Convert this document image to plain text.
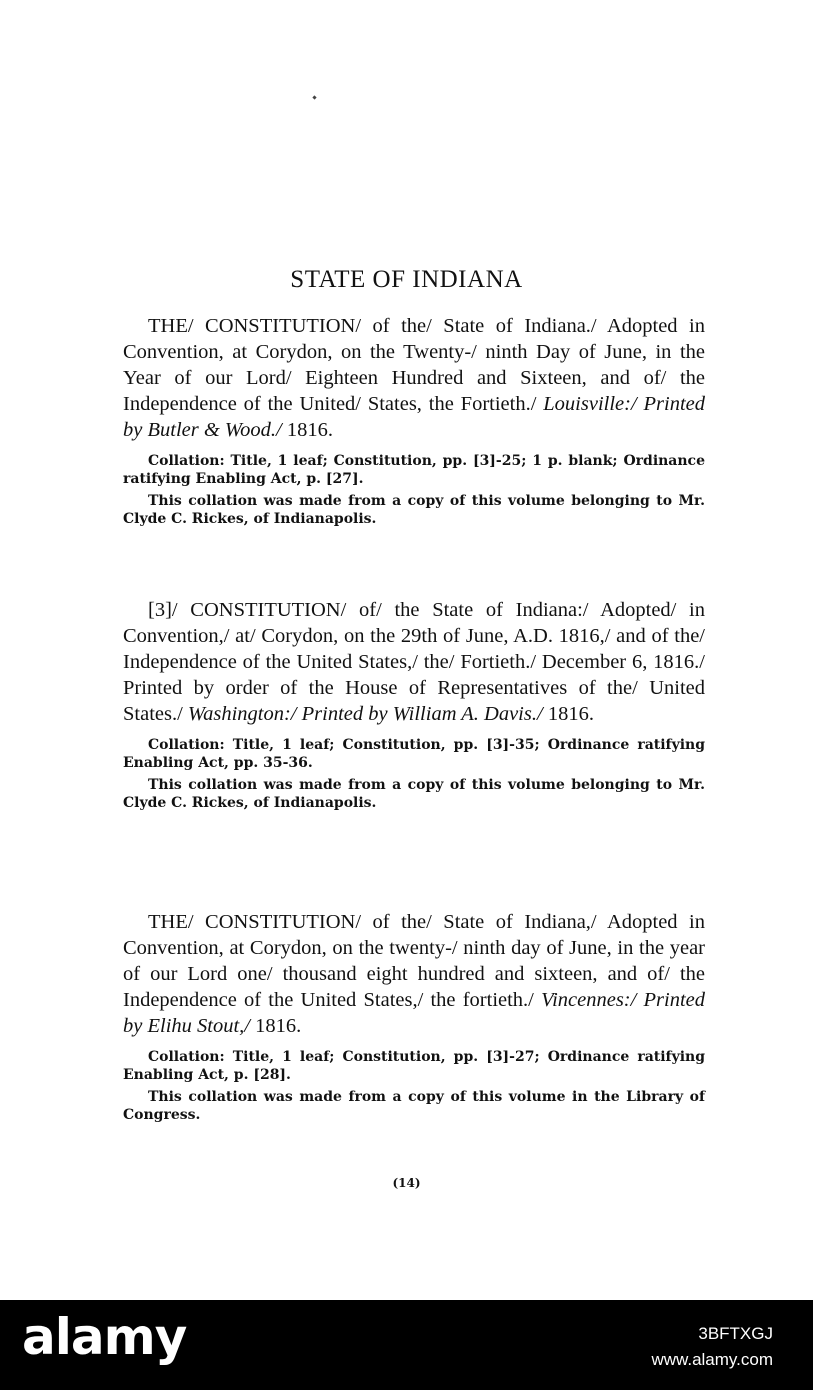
STATE OF INDIANA

THE/ CONSTITUTION/ of the/ State of Indiana./ Adopted in Convention, at Corydon, on the Twenty-/ ninth Day of June, in the Year of our Lord/ Eighteen Hundred and Sixteen, and of/ the Independence of the United/ States, the Fortieth./ Louisville:/ Printed by Butler & Wood./ 1816.

Collation: Title, 1 leaf; Constitution, pp. [3]-25; 1 p. blank; Ordinance ratifying Enabling Act, p. [27].

This collation was made from a copy of this volume belonging to Mr. Clyde C. Rickes, of Indianapolis.

[3]/ CONSTITUTION/ of/ the State of Indiana:/ Adopted/ in Convention,/ at/ Corydon, on the 29th of June, A.D. 1816,/ and of the/ Independence of the United States,/ the/ Fortieth./ December 6, 1816./ Printed by order of the House of Representatives of the/ United States./ Washington:/ Printed by William A. Davis./ 1816.

Collation: Title, 1 leaf; Constitution, pp. [3]-35; Ordinance ratifying Enabling Act, pp. 35-36.

This collation was made from a copy of this volume belonging to Mr. Clyde C. Rickes, of Indianapolis.

THE/ CONSTITUTION/ of the/ State of Indiana,/ Adopted in Convention, at Corydon, on the twenty-/ ninth day of June, in the year of our Lord one/ thousand eight hundred and sixteen, and of/ the Independence of the United States,/ the fortieth./ Vincennes:/ Printed by Elihu Stout,/ 1816.

Collation: Title, 1 leaf; Constitution, pp. [3]-27; Ordinance ratifying Enabling Act, p. [28].

This collation was made from a copy of this volume in the Library of Congress.

(14)
alamy	3BFTXGJ
www.alamy.com
